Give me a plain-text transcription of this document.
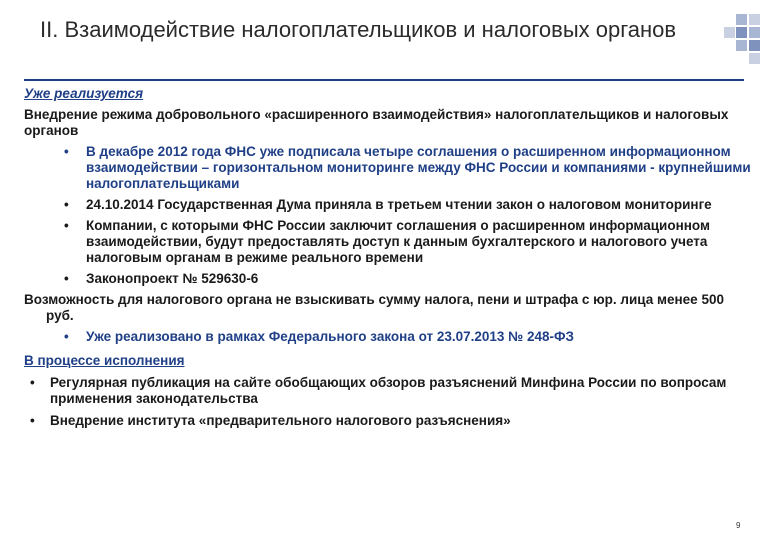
II. Взаимодействие налогоплательщиков и налоговых органов
Уже реализуется
Внедрение режима добровольного «расширенного взаимодействия» налогоплательщиков и налоговых органов
• В декабре 2012 года ФНС уже подписала четыре соглашения о расширенном информационном взаимодействии – горизонтальном мониторинге между ФНС России и компаниями - крупнейшими налогоплательщиками
• 24.10.2014 Государственная Дума приняла в третьем чтении закон о налоговом мониторинге
• Компании, с которыми ФНС России заключит соглашения о расширенном информационном взаимодействии, будут предоставлять доступ к данным бухгалтерского и налогового учета налоговым органам в режиме реального времени
• Законопроект № 529630-6
Возможность для налогового органа не взыскивать сумму налога, пени и штрафа с юр. лица менее 500 руб.
• Уже реализовано в рамках Федерального закона от 23.07.2013 № 248-ФЗ
В процессе исполнения
• Регулярная публикация на сайте обобщающих обзоров разъяснений Минфина России по вопросам применения законодательства
• Внедрение института «предварительного налогового разъяснения»
9
